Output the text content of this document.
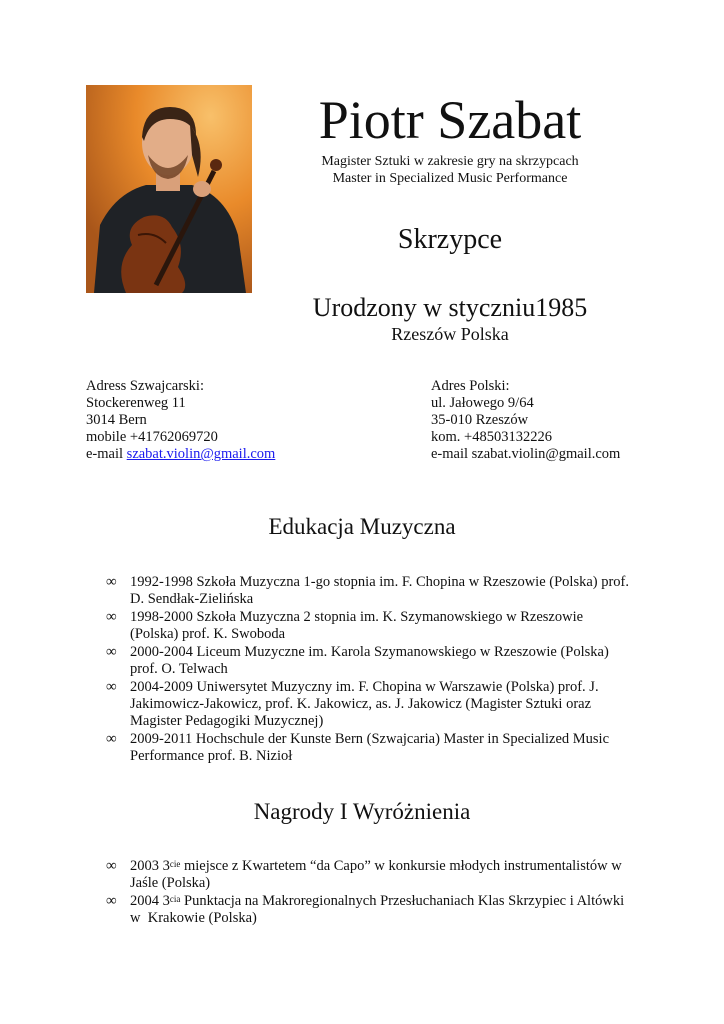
Piotr Szabat
Magister Sztuki w zakresie gry na skrzypcach
Master in Specialized Music Performance
Skrzypce
Urodzony w styczniu1985
Rzeszów Polska
Adress Szwajcarski:
Stockerenweg 11
3014 Bern
mobile +41762069720
e-mail szabat.violin@gmail.com
Adres Polski:
ul. Jałowego 9/64
35-010 Rzeszów
kom. +48503132226
e-mail szabat.violin@gmail.com
Edukacja Muzyczna
∞ 1992-1998 Szkoła Muzyczna 1-go stopnia im. F. Chopina w Rzeszowie (Polska) prof.
D. Sendłak-Zielińska
∞ 1998-2000 Szkoła Muzyczna 2 stopnia im. K. Szymanowskiego w Rzeszowie
(Polska) prof. K. Swoboda
∞ 2000-2004 Liceum Muzyczne im. Karola Szymanowskiego w Rzeszowie (Polska)
prof. O. Telwach
∞ 2004-2009 Uniwersytet Muzyczny im. F. Chopina w Warszawie (Polska) prof. J.
Jakimowicz-Jakowicz, prof. K. Jakowicz, as. J. Jakowicz (Magister Sztuki oraz
Magister Pedagogiki Muzycznej)
∞ 2009-2011 Hochschule der Kunste Bern (Szwajcaria) Master in Specialized Music
Performance prof. B. Nizioł
Nagrody I Wyróżnienia
∞ 2003 $3^{cie}$ miejsce z Kwartetem “da Capo” w konkursie młodych instrumentalistów w
Jaśle (Polska)
∞ 2004 $3^{cia}$ Punktacja na Makroregionalnych Przesłuchaniach Klas Skrzypiec i Altówki
w  Krakowie (Polska)
